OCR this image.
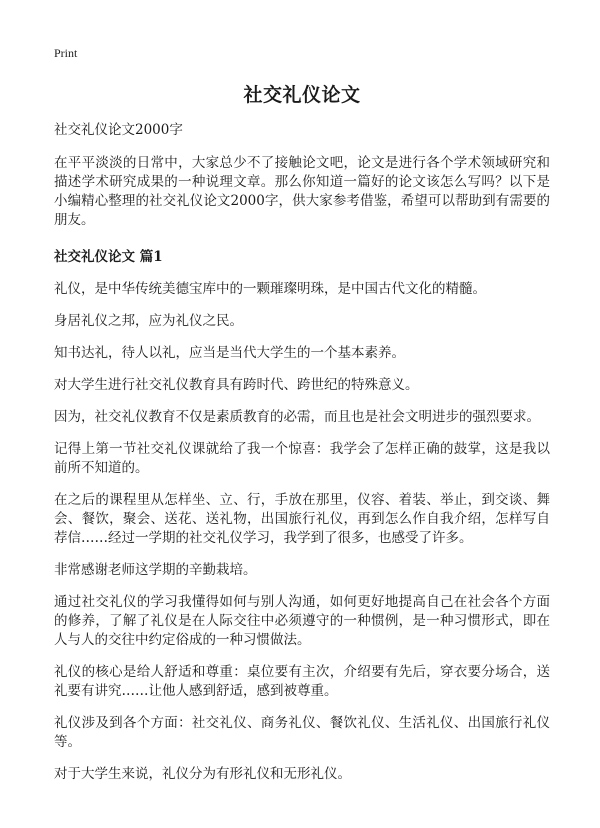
Print
社交礼仪论文

社交礼仪论文2000字

在平平淡淡的日常中，大家总少不了接触论文吧，论文是进行各个学术领域研究和描述学术研究成果的一种说理文章。那么你知道一篇好的论文该怎么写吗？以下是小编精心整理的社交礼仪论文2000字，供大家参考借鉴，希望可以帮助到有需要的朋友。

社交礼仪论文 篇1

礼仪，是中华传统美德宝库中的一颗璀璨明珠，是中国古代文化的精髓。

身居礼仪之邦，应为礼仪之民。

知书达礼，待人以礼，应当是当代大学生的一个基本素养。

对大学生进行社交礼仪教育具有跨时代、跨世纪的特殊意义。

因为，社交礼仪教育不仅是素质教育的必需，而且也是社会文明进步的强烈要求。

记得上第一节社交礼仪课就给了我一个惊喜：我学会了怎样正确的鼓掌，这是我以前所不知道的。

在之后的课程里从怎样坐、立、行，手放在那里，仪容、着装、举止，到交谈、舞会、餐饮，聚会、送花、送礼物，出国旅行礼仪，再到怎么作自我介绍，怎样写自荐信……经过一学期的社交礼仪学习，我学到了很多，也感受了许多。

非常感谢老师这学期的辛勤栽培。

通过社交礼仪的学习我懂得如何与别人沟通，如何更好地提高自己在社会各个方面的修养，了解了礼仪是在人际交往中必须遵守的一种惯例，是一种习惯形式，即在人与人的交往中约定俗成的一种习惯做法。

礼仪的核心是给人舒适和尊重：桌位要有主次，介绍要有先后，穿衣要分场合，送礼要有讲究……让他人感到舒适，感到被尊重。

礼仪涉及到各个方面：社交礼仪、商务礼仪、餐饮礼仪、生活礼仪、出国旅行礼仪等。

对于大学生来说，礼仪分为有形礼仪和无形礼仪。
